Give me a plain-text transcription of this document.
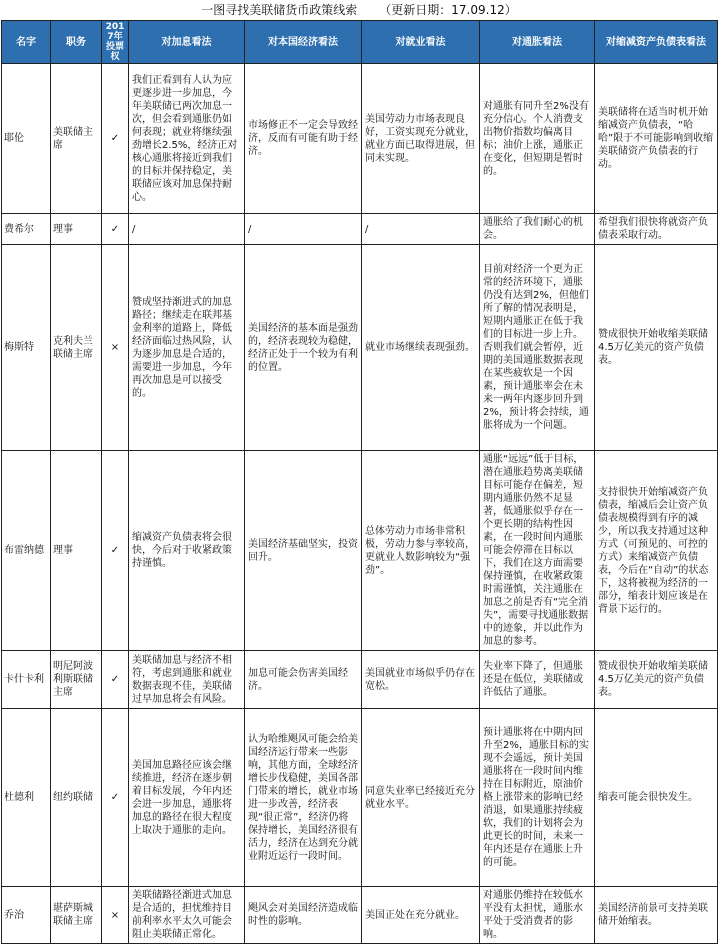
一图寻找美联储货币政策线索 （更新日期：17.09.12）
名字	职务	2017年投票权	对加息看法	对本国经济看法	对就业看法	对通胀看法	对缩减资产负债表看法
耶伦	美联储主席	✓	我们正看到有人认为应更逐步进一步加息，今年美联储已两次加息一次，但会看到通胀仍如何表现；就业将继续强劲增长2.5%，经济正对核心通胀将接近到我们的目标并保持稳定，美联储应该对加息保持耐心。	市场修正不一定会导致经济，反而有可能有助于经济。	美国劳动力市场表现良好，工资实现充分就业，就业方面已取得进展，但同未实现。	对通胀有同升至2%没有充分信心。个人消费支出物价指数均偏离目标；油价上涨，通胀正在变化，但短期是暂时的。	美联储将在适当时机开始缩减资产负债表，“哈哈”限于不可能影响到收缩美联储资产负债表的行动。
费希尔	理事	✓	/	/	/	通胀给了我们耐心的机会。	希望我们很快将就资产负债表采取行动。
梅斯特	克利夫兰联储主席	×	赞成坚持渐进式的加息路径；继续走在联邦基金利率的道路上，降低经济面临过热风险，认为逐步加息是合适的，需要进一步加息，今年再次加息是可以接受的。	美国经济的基本面是强劲的，经济表现较为稳健，经济正处于一个较为有利的位置。	就业市场继续表现强劲。	目前对经济一个更为正常的经济环境下，通胀仍没有达到2%，但他们所了解的情况表明是，短期内通胀正在低于我们的目标进一步上升。否则我们就会暂停，近期的美国通胀数据表现在某些疲软是一个因素，预计通胀率会在未来一两年内逐步回升到2%，预计将会持续，通胀将成为一个问题。	赞成很快开始收缩美联储4.5万亿美元的资产负债表。
布雷纳德	理事	✓	缩减资产负债表将会很快，今后对于收紧政策持谨慎。	美国经济基础坚实，投资回升。	总体劳动力市场非常积极，劳动力参与率较高，更就业人数影响较为“强劲”。	通胀“远远”低于目标，潜在通胀趋势离美联储目标可能存在偏差，短期内通胀仍然不足显著，低通胀似乎存在一个更长期的结构性因素，在一段时间内通胀可能会停滞在目标以下，我们在这方面需要保持谨慎，在收紧政策时需谨慎，关注通胀在加息之前是否有“完全消失”，需要寻找通胀数据中的迹象，并以此作为加息的参考。	支持很快开始缩减资产负债表，缩减后会让资产负债表规模得到有序的减少，所以我支持通过这种方式（可预见的、可控的方式）来缩减资产负债表，今后在“自动”的状态下，这将被视为经济的一部分，缩表计划应该是在背景下运行的。
卡什卡利	明尼阿波利斯联储主席	✓	美联储加息与经济不相符，考虑到通胀和就业数据表现不佳，美联储过早加息将会有风险。	加息可能会伤害美国经济。	美国就业市场似乎仍存在宽松。	失业率下降了，但通胀还是在低位，美联储或许低估了通胀。	赞成很快开始收缩美联储4.5万亿美元的资产负债表。
杜德利	纽约联储	✓	美国加息路径应该会继续推进，经济在逐步朝着目标发展，今年内还会进一步加息，通胀将加息的路径在很大程度上取决于通胀的走向。	认为哈维飓风可能会给美国经济运行带来一些影响，其他方面，全球经济增长步伐稳健，美国各部门带来的增长，就业市场进一步改善，经济表现“很正常”，经济仍将保持增长，美国经济很有活力，经济在达到充分就业附近运行一段时间。	同意失业率已经接近充分就业水平。	预计通胀将在中期内回升至2%，通胀目标的实现不会遥远，预计美国通胀将在一段时间内维持在目标附近，原油价格上涨带来的影响已经消退，如果通胀持续疲软，我们的计划将会为此更长的时间，未来一年内还是存在通胀上升的可能。	缩表可能会很快发生。
乔治	堪萨斯城联储主席	×	美联储路径渐进式加息是合适的，担忧维持目前利率水平太久可能会阻止美联储正常化。	飓风会对美国经济造成临时性的影响。	美国正处在充分就业。	对通胀仍维持在较低水平没有太担忧，通胀水平处于受消费者的影响。	美国经济前景可支持美联储开始缩表。
